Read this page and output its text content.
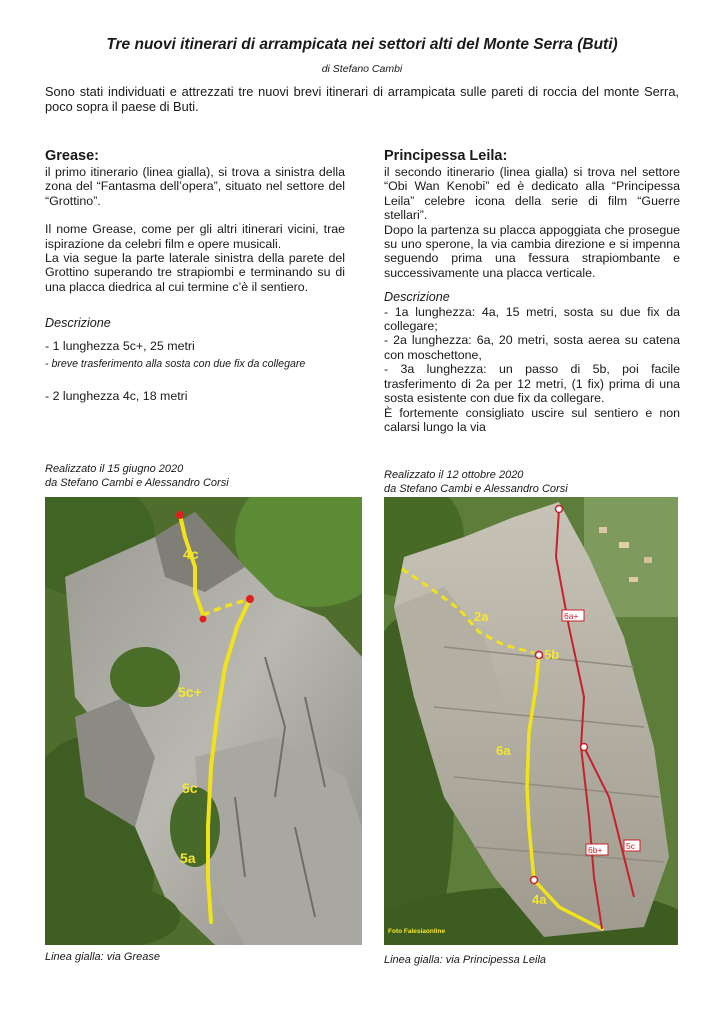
Tre nuovi itinerari di arrampicata nei settori alti del Monte Serra (Buti)
di Stefano Cambi

Sono stati individuati e attrezzati tre nuovi brevi itinerari di arrampicata sulle pareti di roccia del monte Serra, poco sopra il paese di Buti.

Grease:

il primo itinerario (linea gialla), si trova a sinistra della zona del “Fantasma dell’opera”, situato nel settore del “Grottino”.

Il nome Grease, come per gli altri itinerari vicini, trae ispirazione da celebri film e opere musicali.

La via segue la parte laterale sinistra della parete del Grottino superando tre strapiombi e terminando su di una placca diedrica al cui termine c’è il sentiero.

Descrizione

- 1 lunghezza 5c+, 25 metri

- breve trasferimento alla sosta con due fix da collegare

- 2 lunghezza 4c, 18 metri

Realizzato il 15 giugno 2020
da Stefano Cambi e Alessandro Corsi
Principessa Leila:

il secondo itinerario (linea gialla) si trova nel settore “Obi Wan Kenobi” ed è dedicato alla “Principessa Leila” celebre icona della serie di film “Guerre stellari”.

Dopo la partenza su placca appoggiata che prosegue su uno sperone, la via cambia direzione e si impenna seguendo prima una fessura strapiombante e successivamente una placca verticale.

Descrizione

- 1a lunghezza: 4a, 15 metri, sosta su due fix da collegare;

- 2a lunghezza: 6a, 20 metri, sosta aerea su catena con moschettone,

- 3a lunghezza: un passo di 5b, poi facile trasferimento di 2a per 12 metri, (1 fix) prima di una sosta esistente con due fix da collegare.

È fortemente consigliato uscire sul sentiero e non calarsi lungo la via

Realizzato il 12 ottobre 2020
da Stefano Cambi e Alessandro Corsi
4c
5c+
5c
5a
Linea gialla: via Grease
6a+
6b+	5c
2a
5b
6a
4a
Foto Falesiaonline
Linea gialla: via Principessa Leila
